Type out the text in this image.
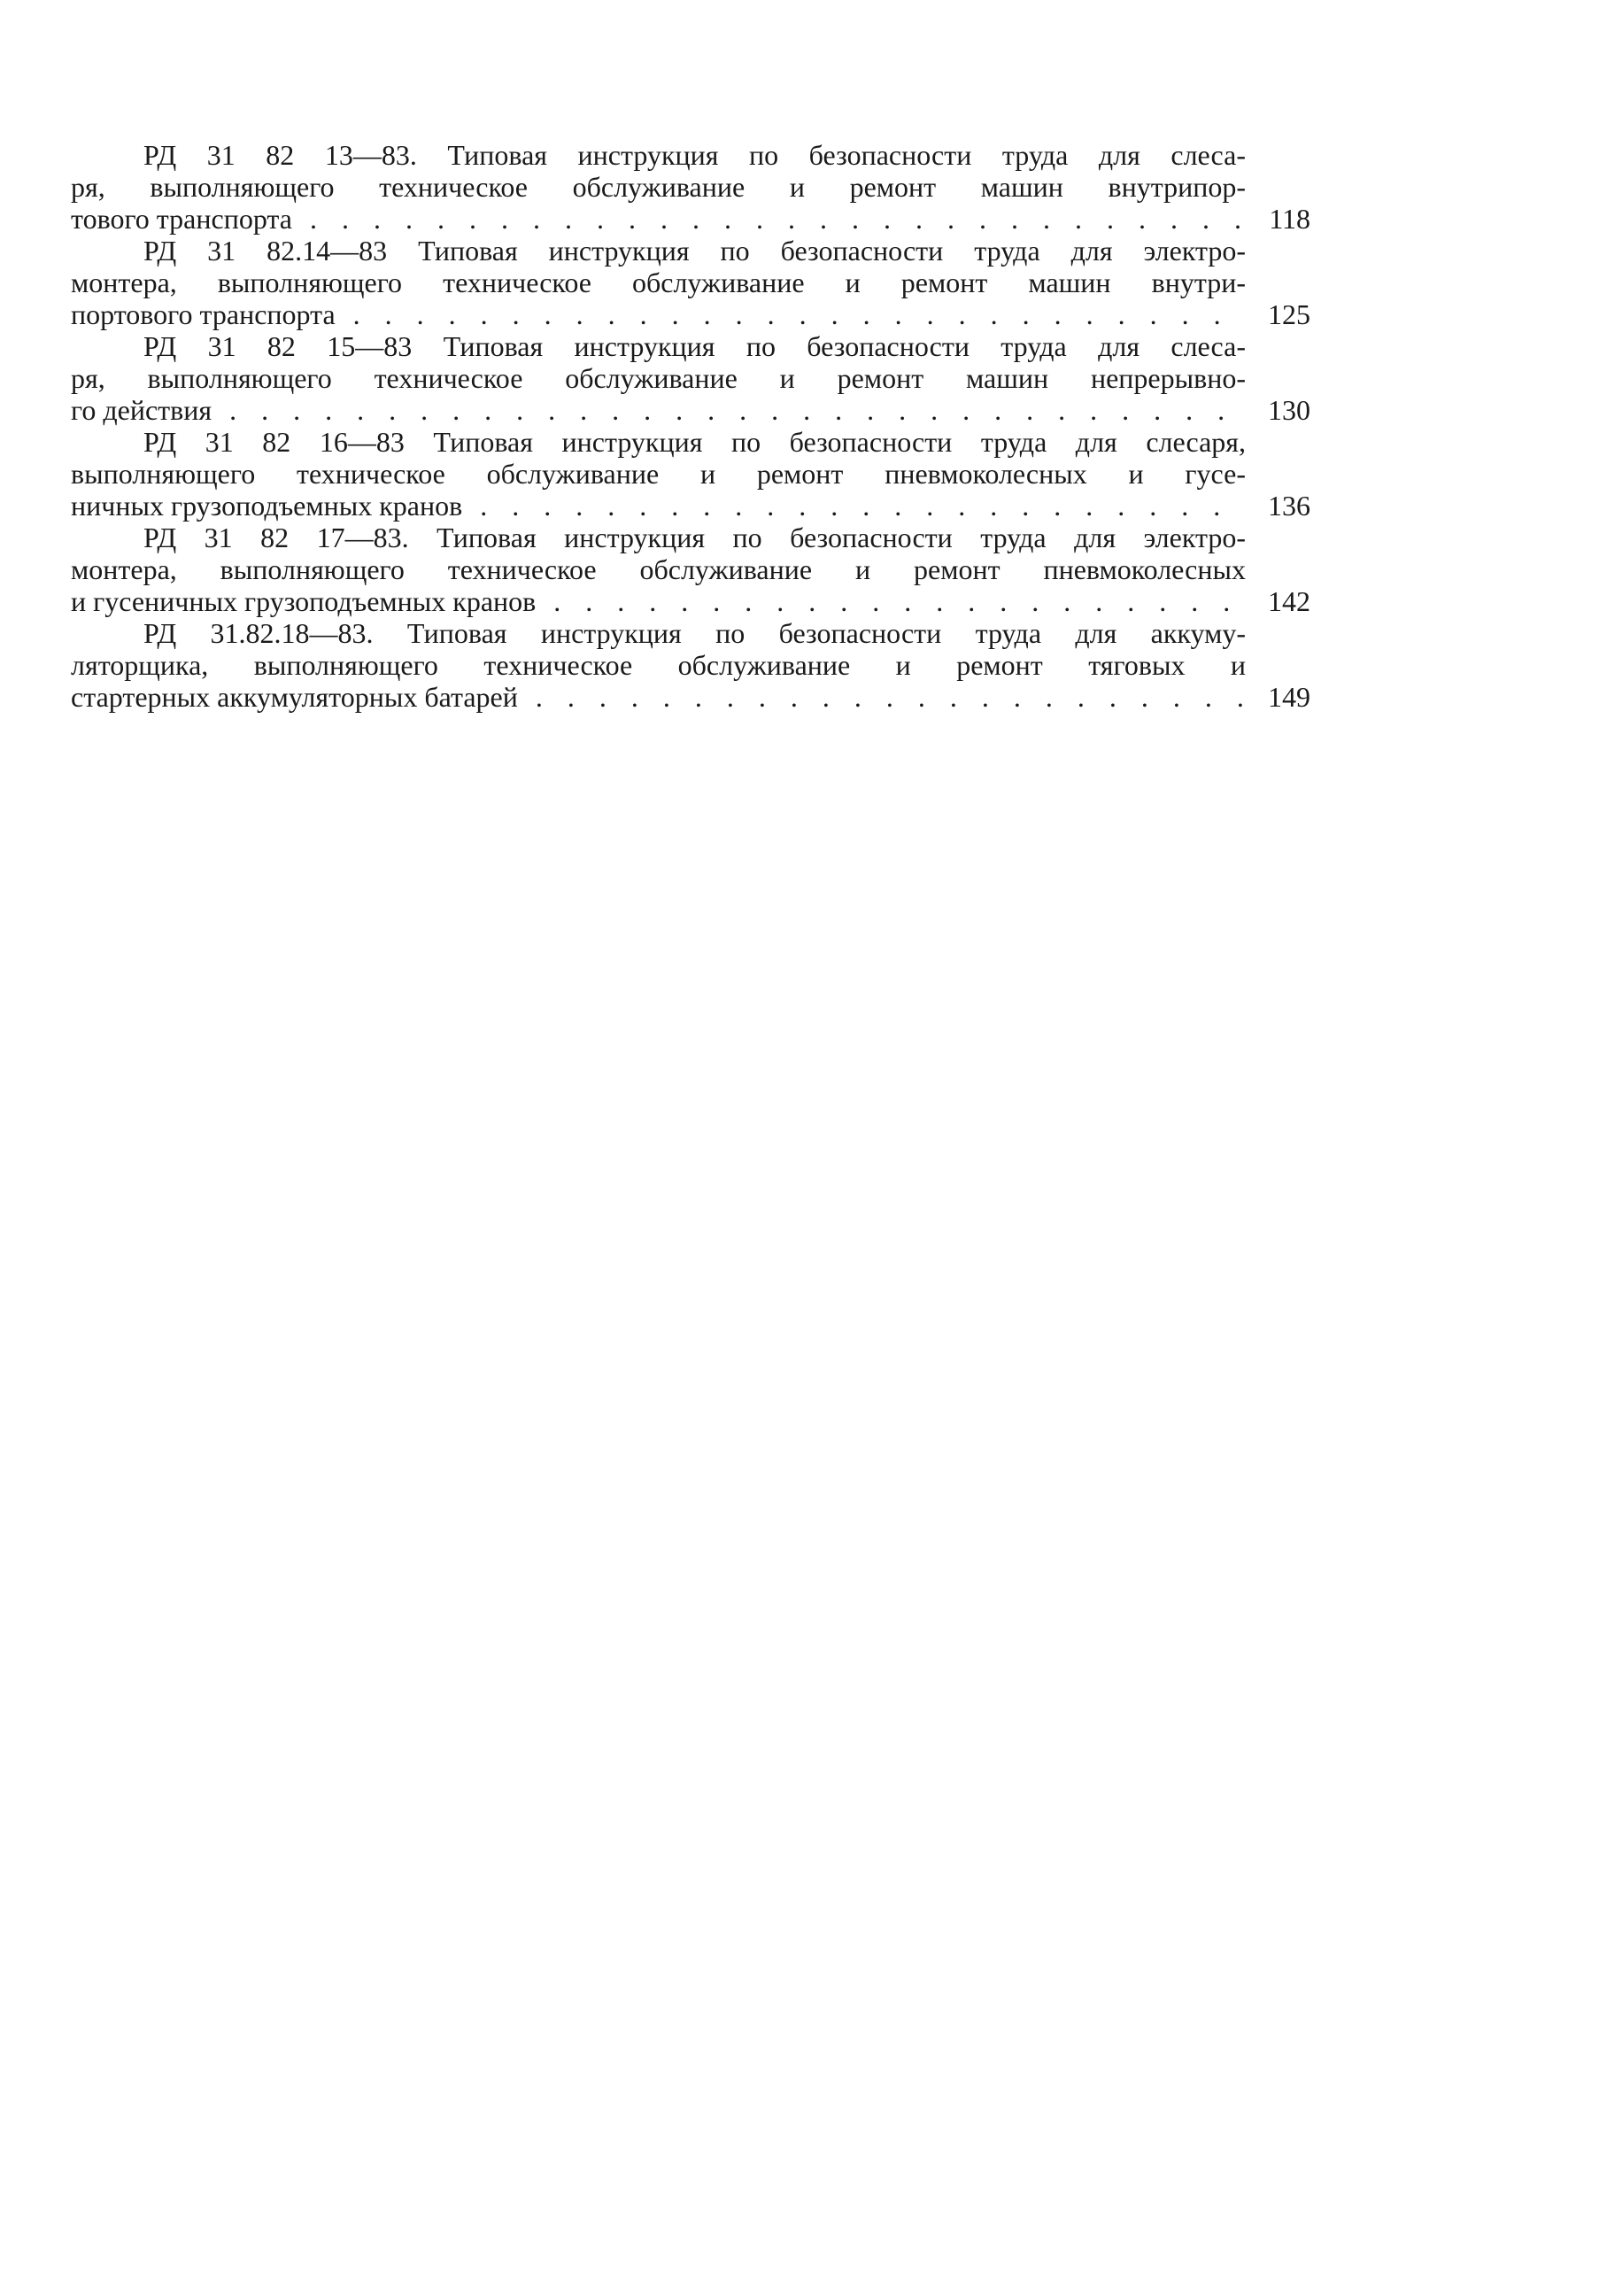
РД 31 82 13—83. Типовая инструкция по безопасности труда для слеса-
ря, выполняющего техническое обслуживание и ремонт машин внутрипор-
тового транспорта .....	118
РД 31 82.14—83 Типовая инструкция по безопасности труда для электро-
монтера, выполняющего техническое обслуживание и ремонт машин внутри-
портового транспорта .....	125
РД 31 82 15—83 Типовая инструкция по безопасности труда для слеса-
ря, выполняющего техническое обслуживание и ремонт машин непрерывно-
го действия .....	130
РД 31 82 16—83 Типовая инструкция по безопасности труда для слесаря,
выполняющего техническое обслуживание и ремонт пневмоколесных и гусе-
ничных грузоподъемных кранов .....	136
РД 31 82 17—83. Типовая инструкция по безопасности труда для электро-
монтера, выполняющего техническое обслуживание и ремонт пневмоколесных
и гусеничных грузоподъемных кранов .....	142
РД 31.82.18—83. Типовая инструкция по безопасности труда для аккуму-
ляторщика, выполняющего техническое обслуживание и ремонт тяговых и
стартерных аккумуляторных батарей .....	149
